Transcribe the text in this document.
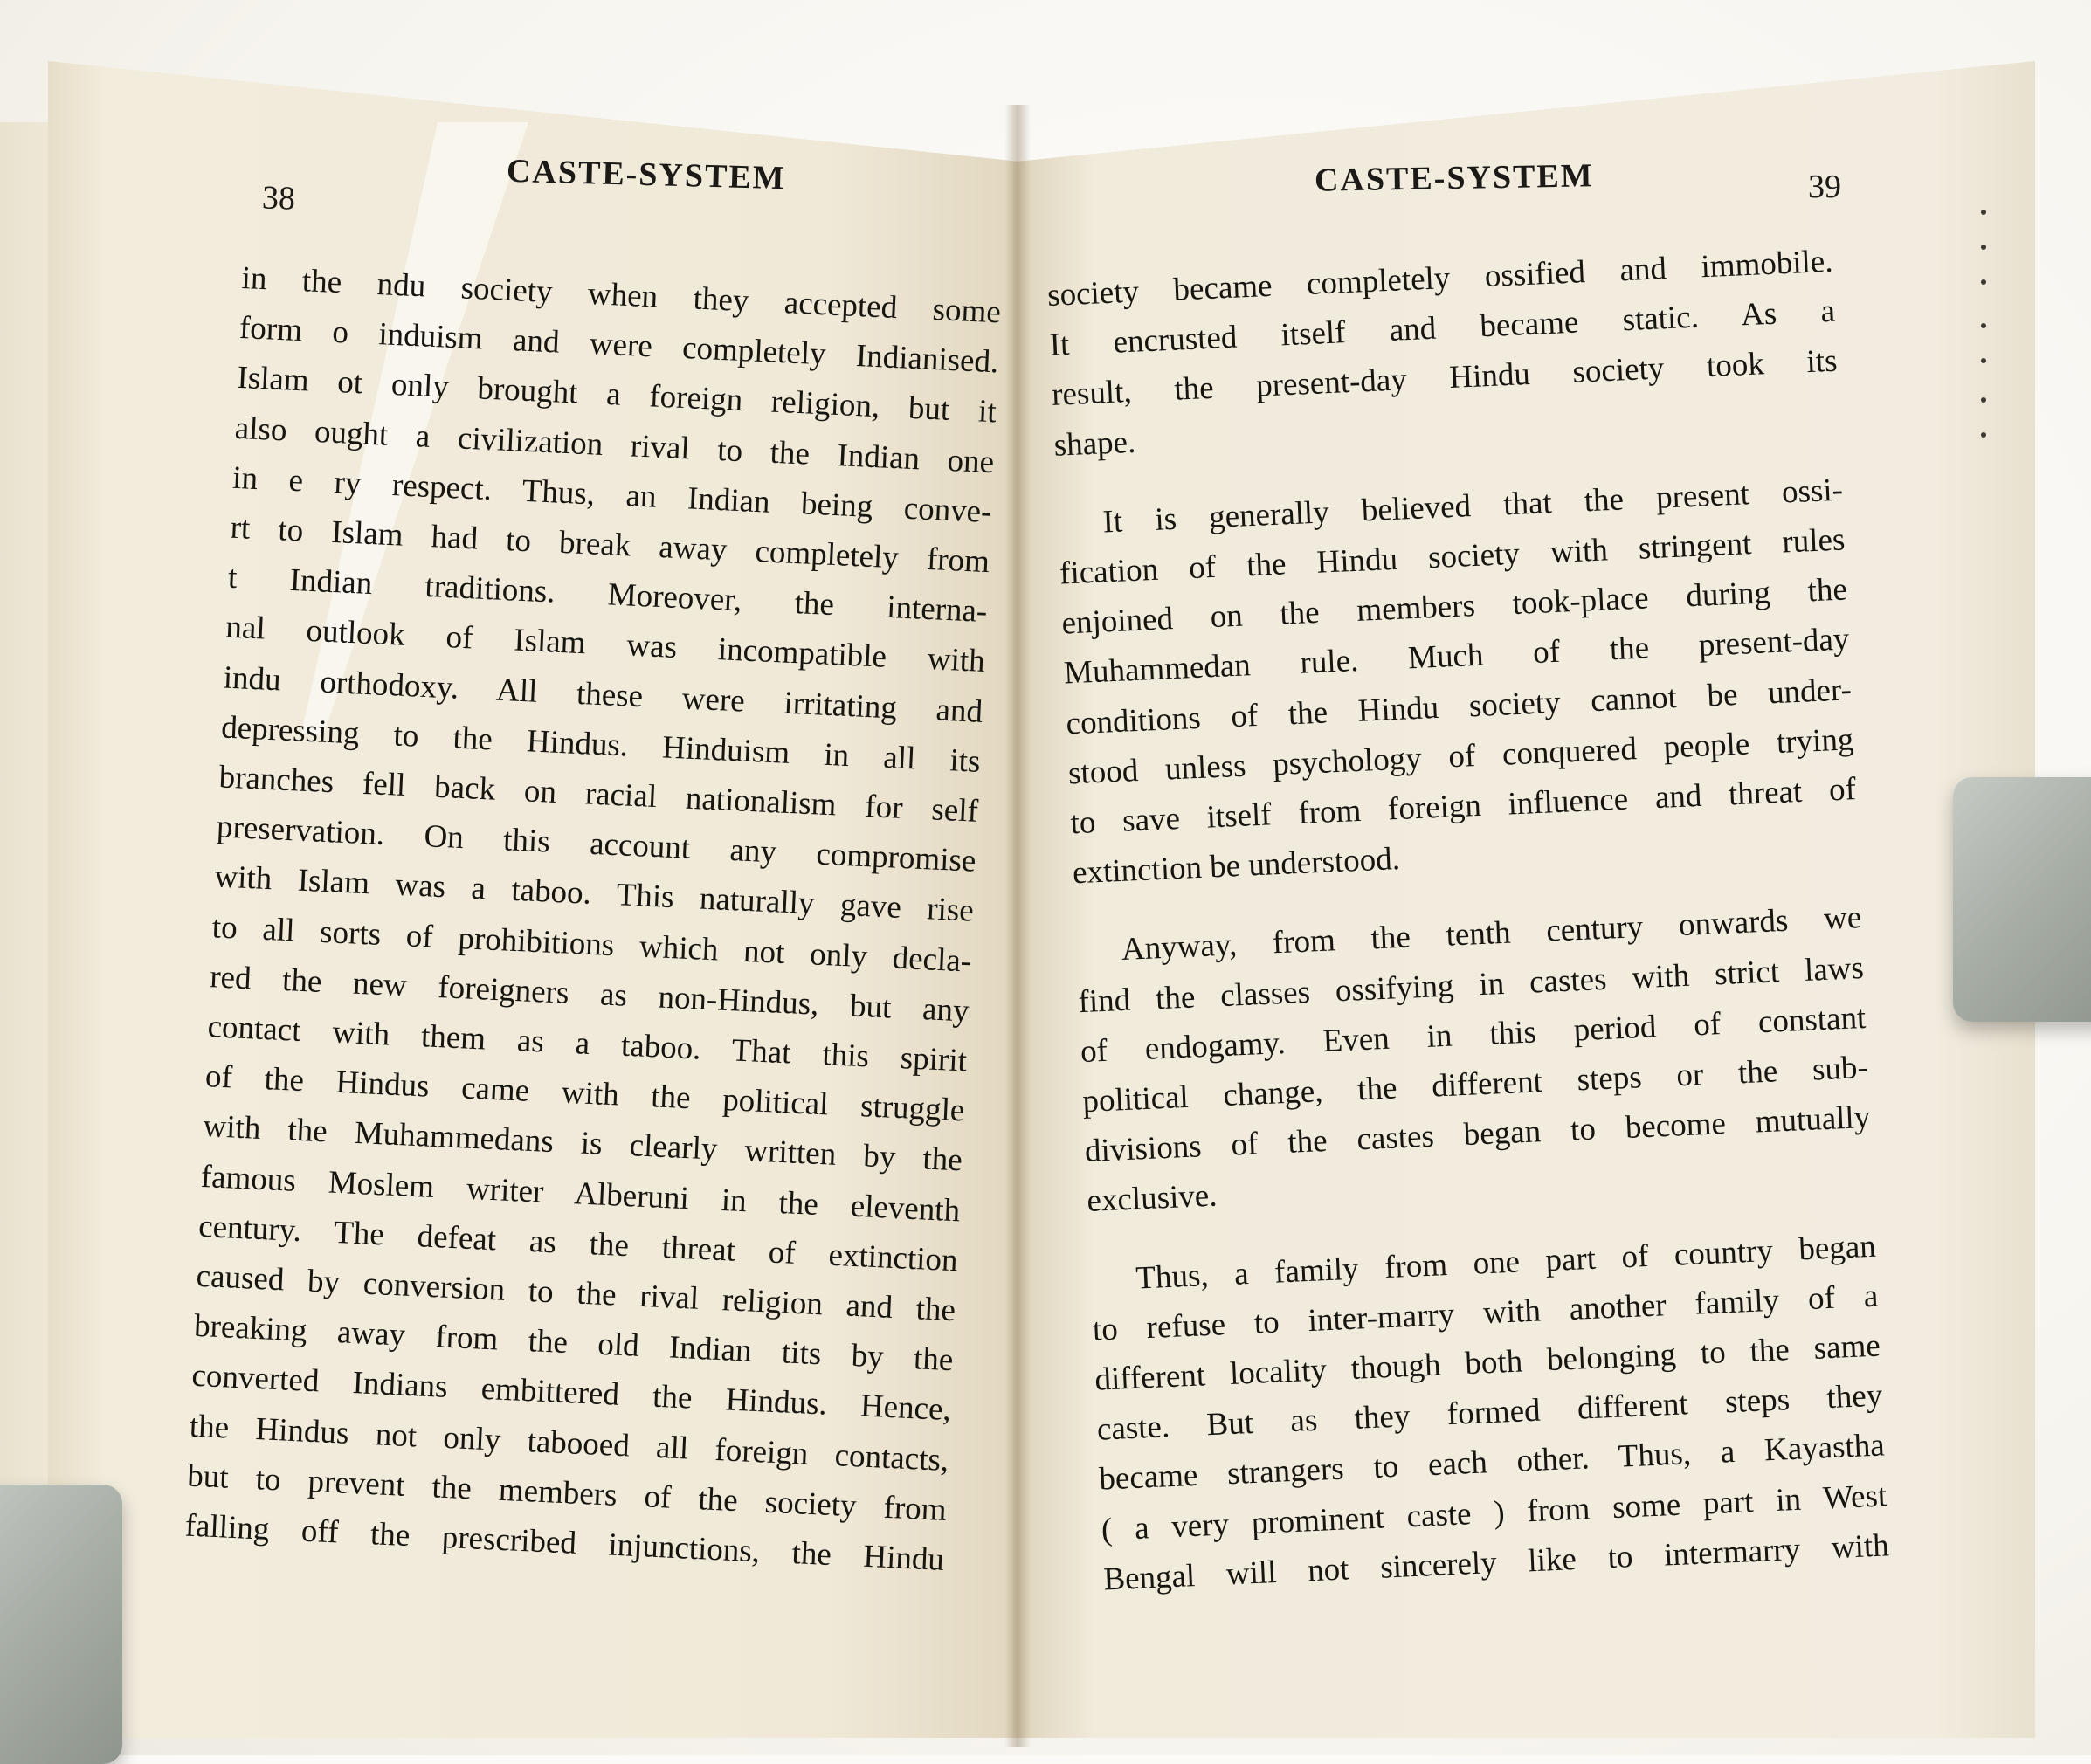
38
CASTE-SYSTEM	CASTE-SYSTEM	39
in the ndu society when they accepted some
form o induism and were completely Indianised.
Islam ot only brought a foreign religion, but it
also ought a civilization rival to the Indian one
in e ry respect. Thus, an Indian being conve-
rt to Islam had to break away completely from
t Indian traditions. Moreover, the interna-
nal outlook of Islam was incompatible with
indu orthodoxy. All these were irritating and
depressing to the Hindus. Hinduism in all its
branches fell back on racial nationalism for self
preservation. On this account any compromise
with Islam was a taboo. This naturally gave rise
to all sorts of prohibitions which not only decla-
red the new foreigners as non-Hindus, but any
contact with them as a taboo. That this spirit
of the Hindus came with the political struggle
with the Muhammedans is clearly written by the
famous Moslem writer Alberuni in the eleventh
century. The defeat as the threat of extinction
caused by conversion to the rival religion and the
breaking away from the old Indian tits by the
converted Indians embittered the Hindus. Hence,
the Hindus not only tabooed all foreign contacts,
but to prevent the members of the society from
falling off the prescribed injunctions, the Hindu
society became completely ossified and immobile.
It encrusted itself and became static. As a
result, the present-day Hindu society took its
shape.
It is generally believed that the present ossi-
fication of the Hindu society with stringent rules
enjoined on the members took-place during the
Muhammedan rule. Much of the present-day
conditions of the Hindu society cannot be under-
stood unless psychology of conquered people trying
to save itself from foreign influence and threat of
extinction be understood.
Anyway, from the tenth century onwards we
find the classes ossifying in castes with strict laws
of endogamy. Even in this period of constant
political change, the different steps or the sub-
divisions of the castes began to become mutually
exclusive.
Thus, a family from one part of country began
to refuse to inter-marry with another family of a
different locality though both belonging to the same
caste. But as they formed different steps they
became strangers to each other. Thus, a Kayastha
( a very prominent caste ) from some part in West
Bengal will not sincerely like to intermarry with
